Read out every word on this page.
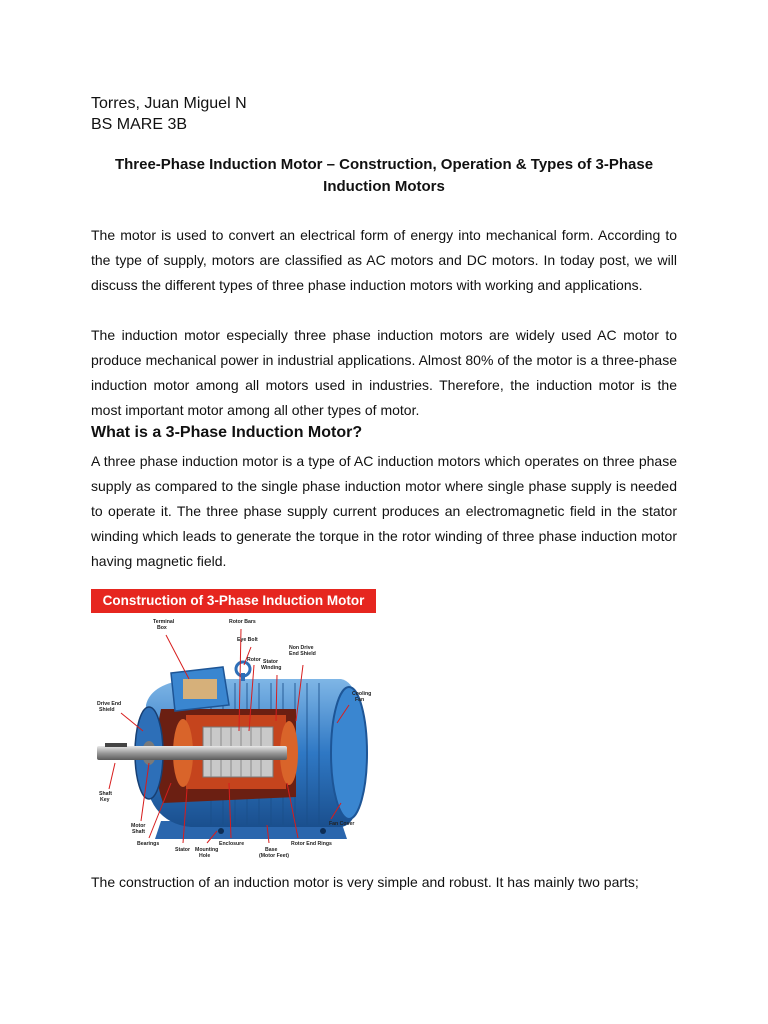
Torres, Juan Miguel N
BS MARE 3B
Three-Phase Induction Motor – Construction, Operation & Types of 3-Phase Induction Motors
The motor is used to convert an electrical form of energy into mechanical form. According to the type of supply, motors are classified as AC motors and DC motors. In today post, we will discuss the different types of three phase induction motors with working and applications.
The induction motor especially three phase induction motors are widely used AC motor to produce mechanical power in industrial applications. Almost 80% of the motor is a three-phase induction motor among all motors used in industries. Therefore, the induction motor is the most important motor among all other types of motor.
What is a 3-Phase Induction Motor?
A three phase induction motor is a type of AC induction motors which operates on three phase supply as compared to the single phase induction motor where single phase supply is needed to operate it. The three phase supply current produces an electromagnetic field in the stator winding which leads to generate the torque in the rotor winding of three phase induction motor having magnetic field.
Construction of 3-Phase Induction Motor
Terminal Box
Rotor Bars
Eye Bolt
Rotor Stator Winding
Non Drive End Shield
Cooling Fan
Drive End Shield
Shaft Key
Motor Shaft
Bearings
Stator Mounting Hole
Enclosure
Base (Motor Feet)
Rotor End Rings
Fan Cover
The construction of an induction motor is very simple and robust. It has mainly two parts;
